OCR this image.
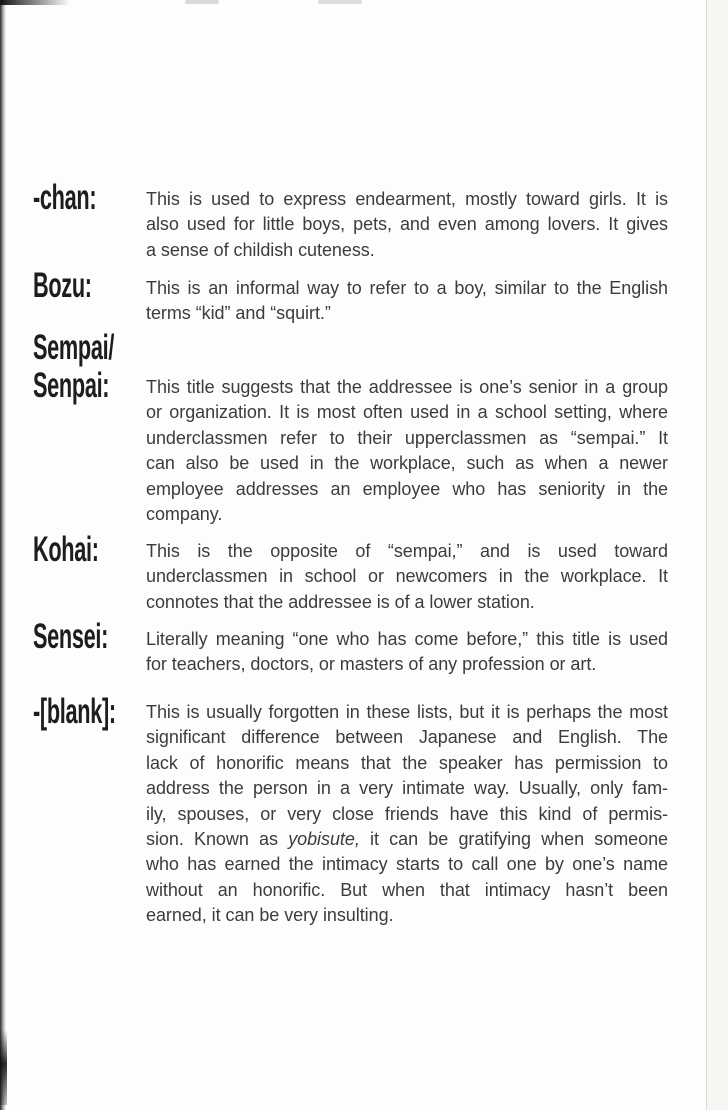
-chan:	This is used to express endearment, mostly toward girls. It is
also used for little boys, pets, and even among lovers. It gives
a sense of childish cuteness.
Bozu:	This is an informal way to refer to a boy, similar to the English
terms “kid” and “squirt.”
Sempai/
Senpai:	This title suggests that the addressee is one’s senior in a group
or organization. It is most often used in a school setting, where
underclassmen refer to their upperclassmen as “sempai.” It
can also be used in the workplace, such as when a newer
employee addresses an employee who has seniority in the
company.
Kohai:	This is the opposite of “sempai,” and is used toward
underclassmen in school or newcomers in the workplace. It
connotes that the addressee is of a lower station.
Sensei:	Literally meaning “one who has come before,” this title is used
for teachers, doctors, or masters of any profession or art.
-[blank]:	This is usually forgotten in these lists, but it is perhaps the most
significant difference between Japanese and English. The
lack of honorific means that the speaker has permission to
address the person in a very intimate way. Usually, only fam-
ily, spouses, or very close friends have this kind of permis-
sion. Known as yobisute, it can be gratifying when someone
who has earned the intimacy starts to call one by one’s name
without an honorific. But when that intimacy hasn’t been
earned, it can be very insulting.
